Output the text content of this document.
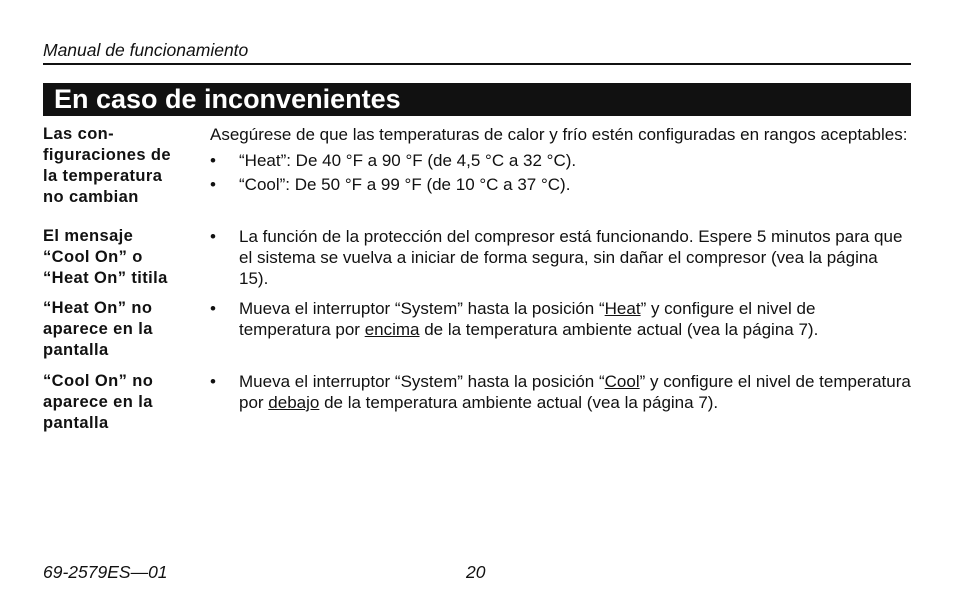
Manual de funcionamiento
En caso de inconvenientes
Las con-
figuraciones de
la temperatura
no cambian

Asegúrese de que las temperaturas de calor y frío estén configuradas en rangos aceptables:

• “Heat”: De 40 °F a 90 °F (de 4,5 °C a 32 °C).

• “Cool”: De 50 °F a 99 °F (de 10 °C a 37 °C).

El mensaje
“Cool On” o
“Heat On” titila

• La función de la protección del compresor está funcionando. Espere 5 minutos para que el sistema se vuelva a iniciar de forma segura, sin dañar el compresor (vea la página 15).

“Heat On” no
aparece en la
pantalla

• Mueva el interruptor “System” hasta la posición “Heat” y configure el nivel de temperatura por encima de la temperatura ambiente actual (vea la página 7).

“Cool On” no
aparece en la
pantalla

• Mueva el interruptor “System” hasta la posición “Cool” y configure el nivel de temperatura por debajo de la temperatura ambiente actual (vea la página 7).

69-2579ES—01	20
